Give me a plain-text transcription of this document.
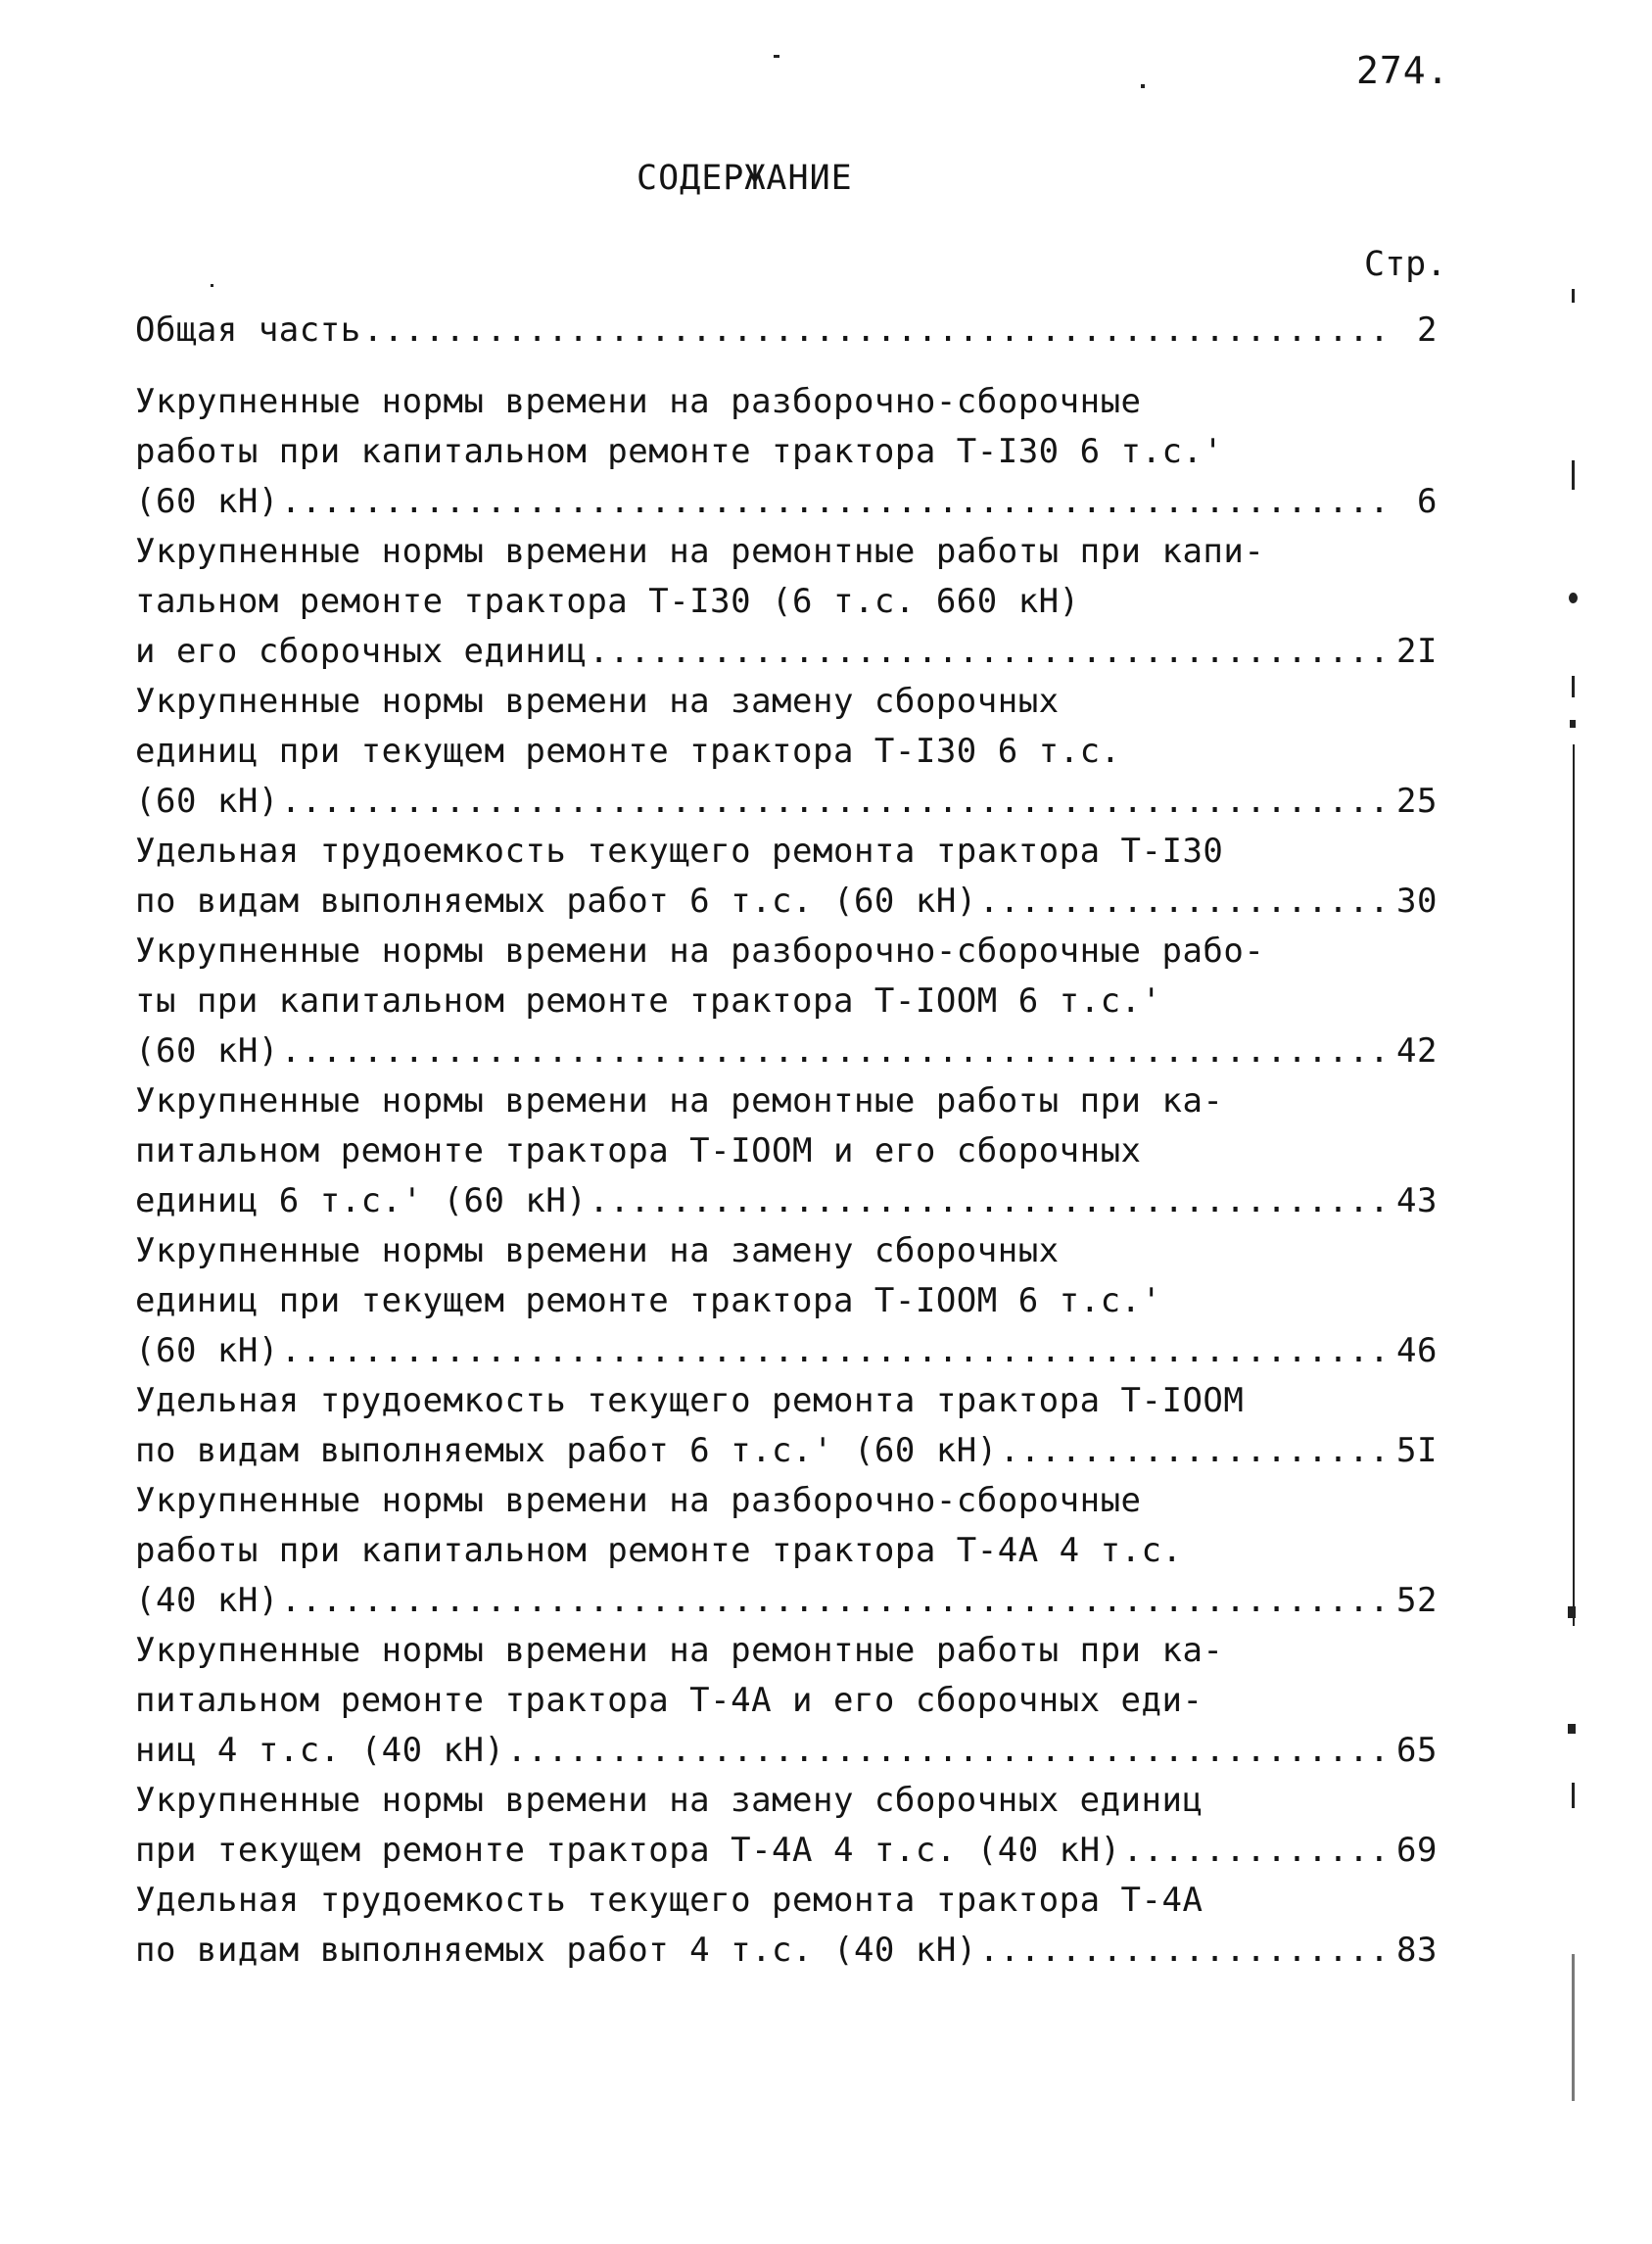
274.
СОДЕРЖАНИЕ
Стр.
Общая часть .....	2
Укрупненные нормы времени на разборочно-сборочные
работы при капитальном ремонте трактора Т-I30 6 т.с.'
(60 кН) .....	6
Укрупненные нормы времени на ремонтные работы при капи-
тальном ремонте трактора Т-I30 (6 т.с. 660 кН)
и его сборочных единиц .....	2I
Укрупненные нормы времени на замену сборочных
единиц при текущем ремонте трактора Т-I30 6 т.с.
(60 кН) .....	25
Удельная трудоемкость текущего ремонта трактора Т-I30
по видам выполняемых работ 6 т.с. (60 кН) .....	30
Укрупненные нормы времени на разборочно-сборочные рабо-
ты при капитальном ремонте трактора Т-IООМ 6 т.с.'
(60 кН) .....	42
Укрупненные нормы времени на ремонтные работы при ка-
питальном ремонте трактора Т-IООМ и его сборочных
единиц 6 т.с.' (60 кН) .....	43
Укрупненные нормы времени на замену сборочных
единиц при текущем ремонте трактора Т-IООМ 6 т.с.'
(60 кН) .....	46
Удельная трудоемкость текущего ремонта трактора Т-IООМ
по видам выполняемых работ 6 т.с.' (60 кН) .....	5I
Укрупненные нормы времени на разборочно-сборочные
работы при капитальном ремонте трактора Т-4А 4 т.с.
(40 кН) .....	52
Укрупненные нормы времени на ремонтные работы при ка-
питальном ремонте трактора Т-4А и его сборочных еди-
ниц 4 т.с. (40 кН) .....	65
Укрупненные нормы времени на замену сборочных единиц
при текущем ремонте трактора Т-4А 4 т.с. (40 кН) .....	69
Удельная трудоемкость текущего ремонта трактора Т-4А
по видам выполняемых работ 4 т.с. (40 кН) .....	83
